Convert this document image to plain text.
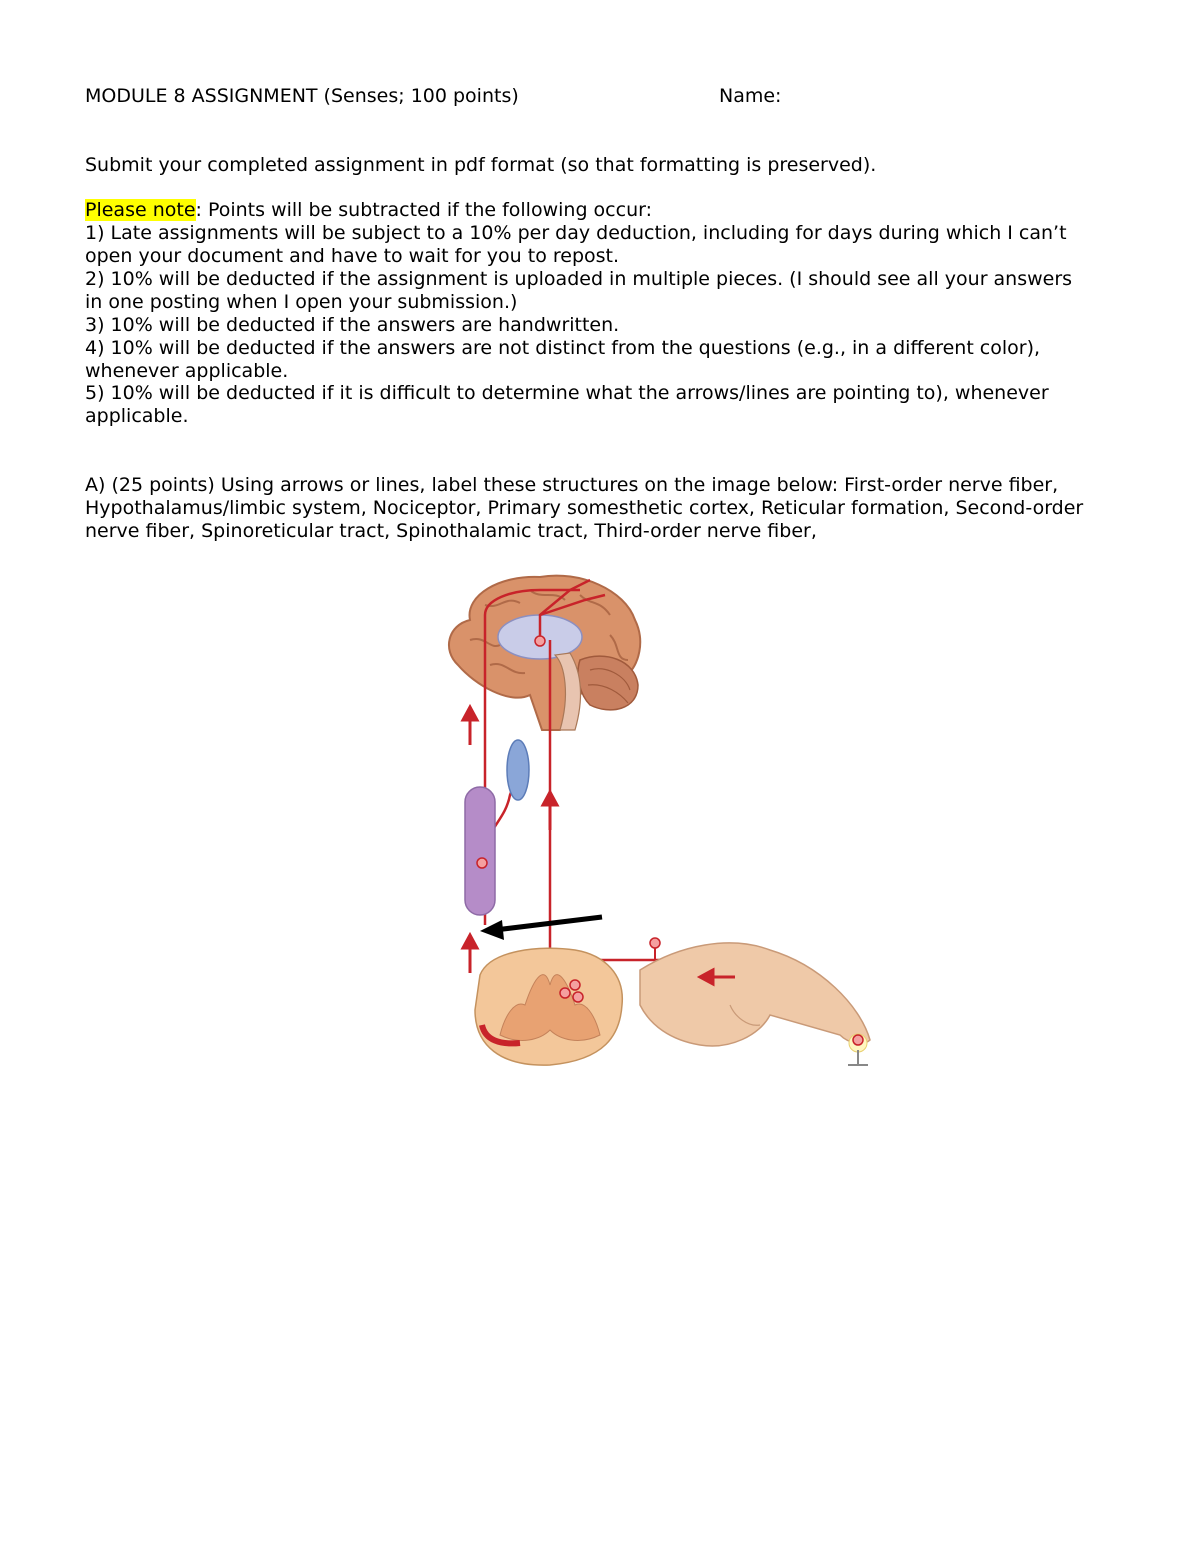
MODULE 8 ASSIGNMENT (Senses; 100 points)	Name:
Submit your completed assignment in pdf format (so that formatting is preserved).
Please note: Points will be subtracted if the following occur:
1) Late assignments will be subject to a 10% per day deduction, including for days during which I can’t
open your document and have to wait for you to repost.
2) 10% will be deducted if the assignment is uploaded in multiple pieces. (I should see all your answers
in one posting when I open your submission.)
3) 10% will be deducted if the answers are handwritten.
4) 10% will be deducted if the answers are not distinct from the questions (e.g., in a different color),
whenever applicable.
5) 10% will be deducted if it is difficult to determine what the arrows/lines are pointing to), whenever
applicable.
A) (25 points) Using arrows or lines, label these structures on the image below: First-order nerve fiber,
Hypothalamus/limbic system, Nociceptor, Primary somesthetic cortex, Reticular formation, Second-order
nerve fiber, Spinoreticular tract, Spinothalamic tract, Third-order nerve fiber,
